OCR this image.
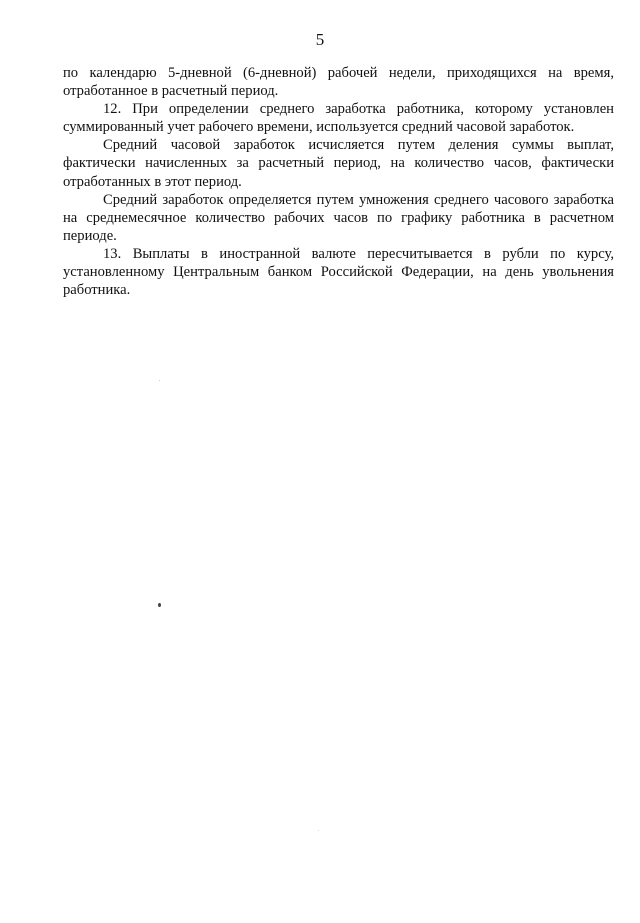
5

по календарю 5-дневной (6-дневной) рабочей недели, приходящихся на время, отработанное в расчетный период.

12. При определении среднего заработка работника, которому установлен суммированный учет рабочего времени, используется средний часовой заработок.

Средний часовой заработок исчисляется путем деления суммы выплат, фактически начисленных за расчетный период, на количество часов, фактически отработанных в этот период.

Средний заработок определяется путем умножения среднего часового заработка на среднемесячное количество рабочих часов по графику работника в расчетном периоде.

13. Выплаты в иностранной валюте пересчитывается в рубли по курсу, установленному Центральным банком Российской Федерации, на день увольнения работника.
